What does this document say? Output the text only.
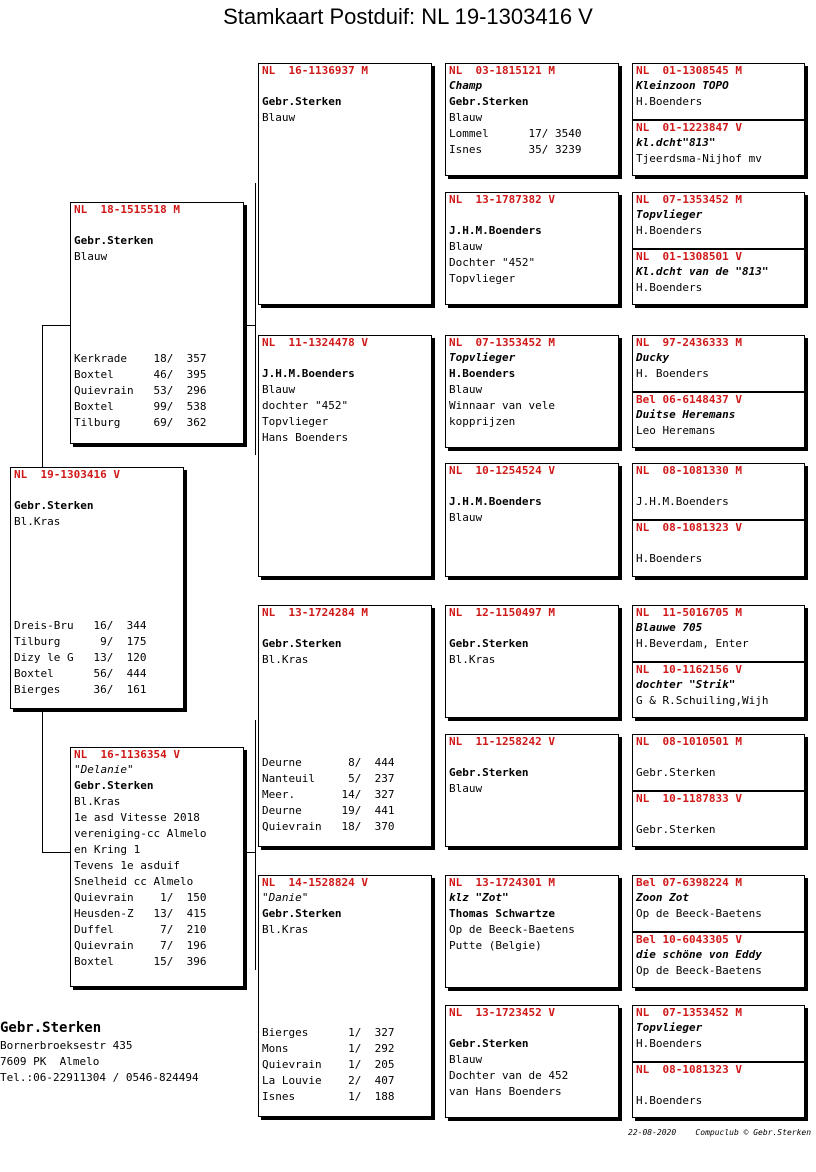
Stamkaart Postduif: NL 19-1303416 V
NL  19-1303416 V

Gebr.Sterken
Bl.Kras
Dreis-Bru   16/  344
Tilburg      9/  175
Dizy le G   13/  120
Boxtel      56/  444
Bierges     36/  161
NL  18-1515518 M

Gebr.Sterken
Blauw
Kerkrade    18/  357
Boxtel      46/  395
Quievrain   53/  296
Boxtel      99/  538
Tilburg     69/  362
NL  16-1136354 V
"Delanie"
Gebr.Sterken
Bl.Kras
1e asd Vitesse 2018
vereniging-cc Almelo
en Kring 1
Tevens 1e asduif
Snelheid cc Almelo
Quievrain    1/  150
Heusden-Z   13/  415
Duffel       7/  210
Quievrain    7/  196
Boxtel      15/  396
NL  16-1136937 M

Gebr.Sterken
Blauw
NL  11-1324478 V

J.H.M.Boenders
Blauw
dochter "452"
Topvlieger
Hans Boenders
NL  13-1724284 M

Gebr.Sterken
Bl.Kras
Deurne       8/  444
Nanteuil     5/  237
Meer.       14/  327
Deurne      19/  441
Quievrain   18/  370
NL  14-1528824 V
"Danie"
Gebr.Sterken
Bl.Kras
Bierges      1/  327
Mons         1/  292
Quievrain    1/  205
La Louvie    2/  407
Isnes        1/  188
NL  03-1815121 M
Champ
Gebr.Sterken
Blauw
Lommel      17/ 3540
Isnes       35/ 3239
NL  13-1787382 V

J.H.M.Boenders
Blauw
Dochter "452"
Topvlieger
NL  07-1353452 M
Topvlieger
H.Boenders
Blauw
Winnaar van vele
kopprijzen
NL  10-1254524 V

J.H.M.Boenders
Blauw
NL  12-1150497 M

Gebr.Sterken
Bl.Kras
NL  11-1258242 V

Gebr.Sterken
Blauw
NL  13-1724301 M
klz "Zot"
Thomas Schwartze
Op de Beeck-Baetens
Putte (Belgie)
NL  13-1723452 V

Gebr.Sterken
Blauw
Dochter van de 452
van Hans Boenders
NL  01-1308545 M
Kleinzoon TOPO
H.Boenders
NL  01-1223847 V
kl.dcht"813"
Tjeerdsma-Nijhof mv
NL  07-1353452 M
Topvlieger
H.Boenders
NL  01-1308501 V
Kl.dcht van de "813"
H.Boenders
NL  97-2436333 M
Ducky
H. Boenders
Bel 06-6148437 V
Duitse Heremans
Leo Heremans
NL  08-1081330 M

J.H.M.Boenders
NL  08-1081323 V

H.Boenders
NL  11-5016705 M
Blauwe 705
H.Beverdam, Enter
NL  10-1162156 V
dochter "Strik"
G & R.Schuiling,Wijh
NL  08-1010501 M

Gebr.Sterken
NL  10-1187833 V

Gebr.Sterken
Bel 07-6398224 M
Zoon Zot
Op de Beeck-Baetens
Bel 10-6043305 V
die schöne von Eddy
Op de Beeck-Baetens
NL  07-1353452 M
Topvlieger
H.Boenders
NL  08-1081323 V

H.Boenders
Gebr.Sterken
Bornerbroeksestr 435
7609 PK  Almelo
Tel.:06-22911304 / 0546-824494
22-08-2020    Compuclub © Gebr.Sterken
